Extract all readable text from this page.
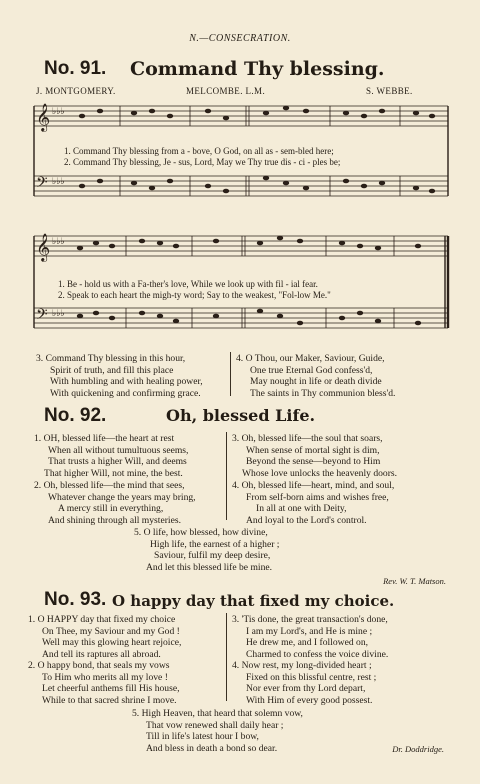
N.—CONSECRATION.
No. 91. Command Thy blessing.
J. MONTGOMERY.	MELCOMBE. L.M.	S. WEBBE.
𝄞
𝄢
♭♭♭
♭♭♭
1. Command Thy blessing from a - bove, O God, on all as - sem-bled here;
2. Command Thy blessing, Je - sus, Lord, May we Thy true dis - ci - ples be;
𝄞
𝄢
♭♭♭
♭♭♭
1. Be - hold us with a Fa-ther's love, While we look up with fil - ial fear.
2. Speak to each heart the migh-ty word; Say to the weakest, "Fol-low Me."
3. Command Thy blessing in this hour,
Spirit of truth, and fill this place
With humbling and with healing power,
With quickening and confirming grace.
4. O Thou, our Maker, Saviour, Guide,
One true Eternal God confess'd,
May nought in life or death divide
The saints in Thy communion bless'd.
No. 92.	Oh, blessed Life.
1. OH, blessed life—the heart at rest
When all without tumultuous seems,
That trusts a higher Will, and deems
That higher Will, not mine, the best.
3. Oh, blessed life—the soul that soars,
When sense of mortal sight is dim,
Beyond the sense—beyond to Him
Whose love unlocks the heavenly doors.
2. Oh, blessed life—the mind that sees,
Whatever change the years may bring,
A mercy still in everything,
And shining through all mysteries.
4. Oh, blessed life—heart, mind, and soul,
From self-born aims and wishes free,
In all at one with Deity,
And loyal to the Lord's control.
5. O life, how blessed, how divine,
High life, the earnest of a higher ;
Saviour, fulfil my deep desire,
And let this blessed life be mine.
Rev. W. T. Matson.
No. 93. O happy day that fixed my choice.
1. O HAPPY day that fixed my choice
On Thee, my Saviour and my God !
Well may this glowing heart rejoice,
And tell its raptures all abroad.
3. 'Tis done, the great transaction's done,
I am my Lord's, and He is mine ;
He drew me, and I followed on,
Charmed to confess the voice divine.
2. O happy bond, that seals my vows
To Him who merits all my love !
Let cheerful anthems fill His house,
While to that sacred shrine I move.
4. Now rest, my long-divided heart ;
Fixed on this blissful centre, rest ;
Nor ever from thy Lord depart,
With Him of every good possest.
5. High Heaven, that heard that solemn vow,
That vow renewed shall daily hear ;
Till in life's latest hour I bow,
And bless in death a bond so dear.	Dr. Doddridge.
